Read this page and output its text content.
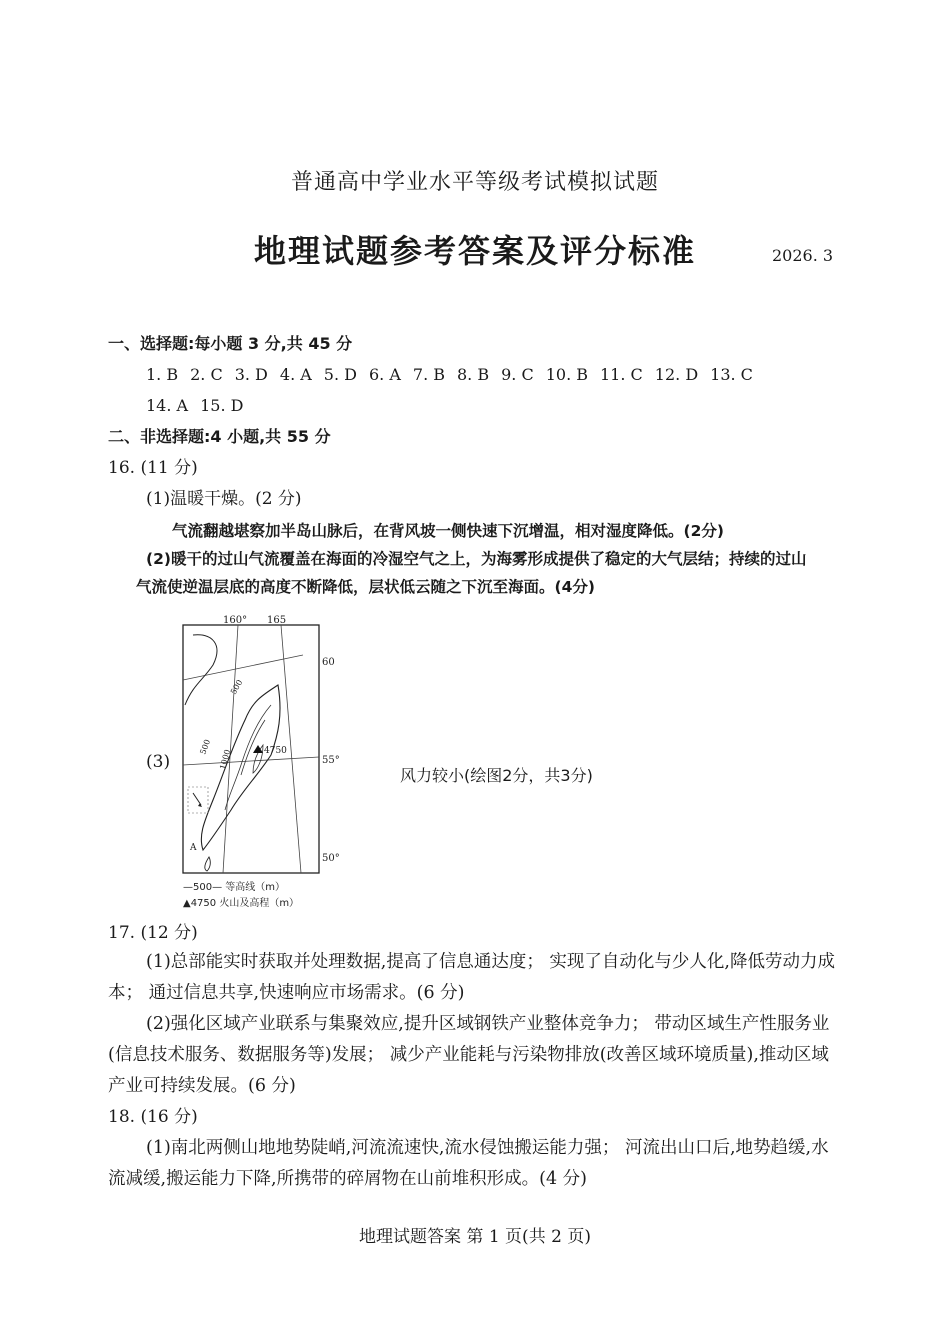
普通高中学业水平等级考试模拟试题
地理试题参考答案及评分标准	2026. 3
一、选择题:每小题 3 分,共 45 分
1. B 2. C 3. D 4. A 5. D 6. A 7. B 8. B 9. C 10. B 11. C 12. D 13. C
14. A 15. D
二、非选择题:4 小题,共 55 分
16. (11 分)
(1)温暖干燥。(2 分)
气流翻越堪察加半岛山脉后，在背风坡一侧快速下沉增温，相对湿度降低。(2分)
(2)暖干的过山气流覆盖在海面的冷湿空气之上，为海雾形成提供了稳定的大气层结；持续的过山
气流使逆温层底的高度不断降低，层状低云随之下沉至海面。(4分)
(3)
160° 165
60
55°
50°
500
1000
500	4750
A
—500— 等高线（m）
▲4750 火山及高程（m）
风力较小(绘图2分，共3分)
17. (12 分)
(1)总部能实时获取并处理数据,提高了信息通达度； 实现了自动化与少人化,降低劳动力成本； 通过信息共享,快速响应市场需求。(6 分)
(2)强化区域产业联系与集聚效应,提升区域钢铁产业整体竞争力； 带动区域生产性服务业(信息技术服务、数据服务等)发展； 减少产业能耗与污染物排放(改善区域环境质量),推动区域产业可持续发展。(6 分)
18. (16 分)
(1)南北两侧山地地势陡峭,河流流速快,流水侵蚀搬运能力强； 河流出山口后,地势趋缓,水流减缓,搬运能力下降,所携带的碎屑物在山前堆积形成。(4 分)
地理试题答案 第 1 页(共 2 页)
